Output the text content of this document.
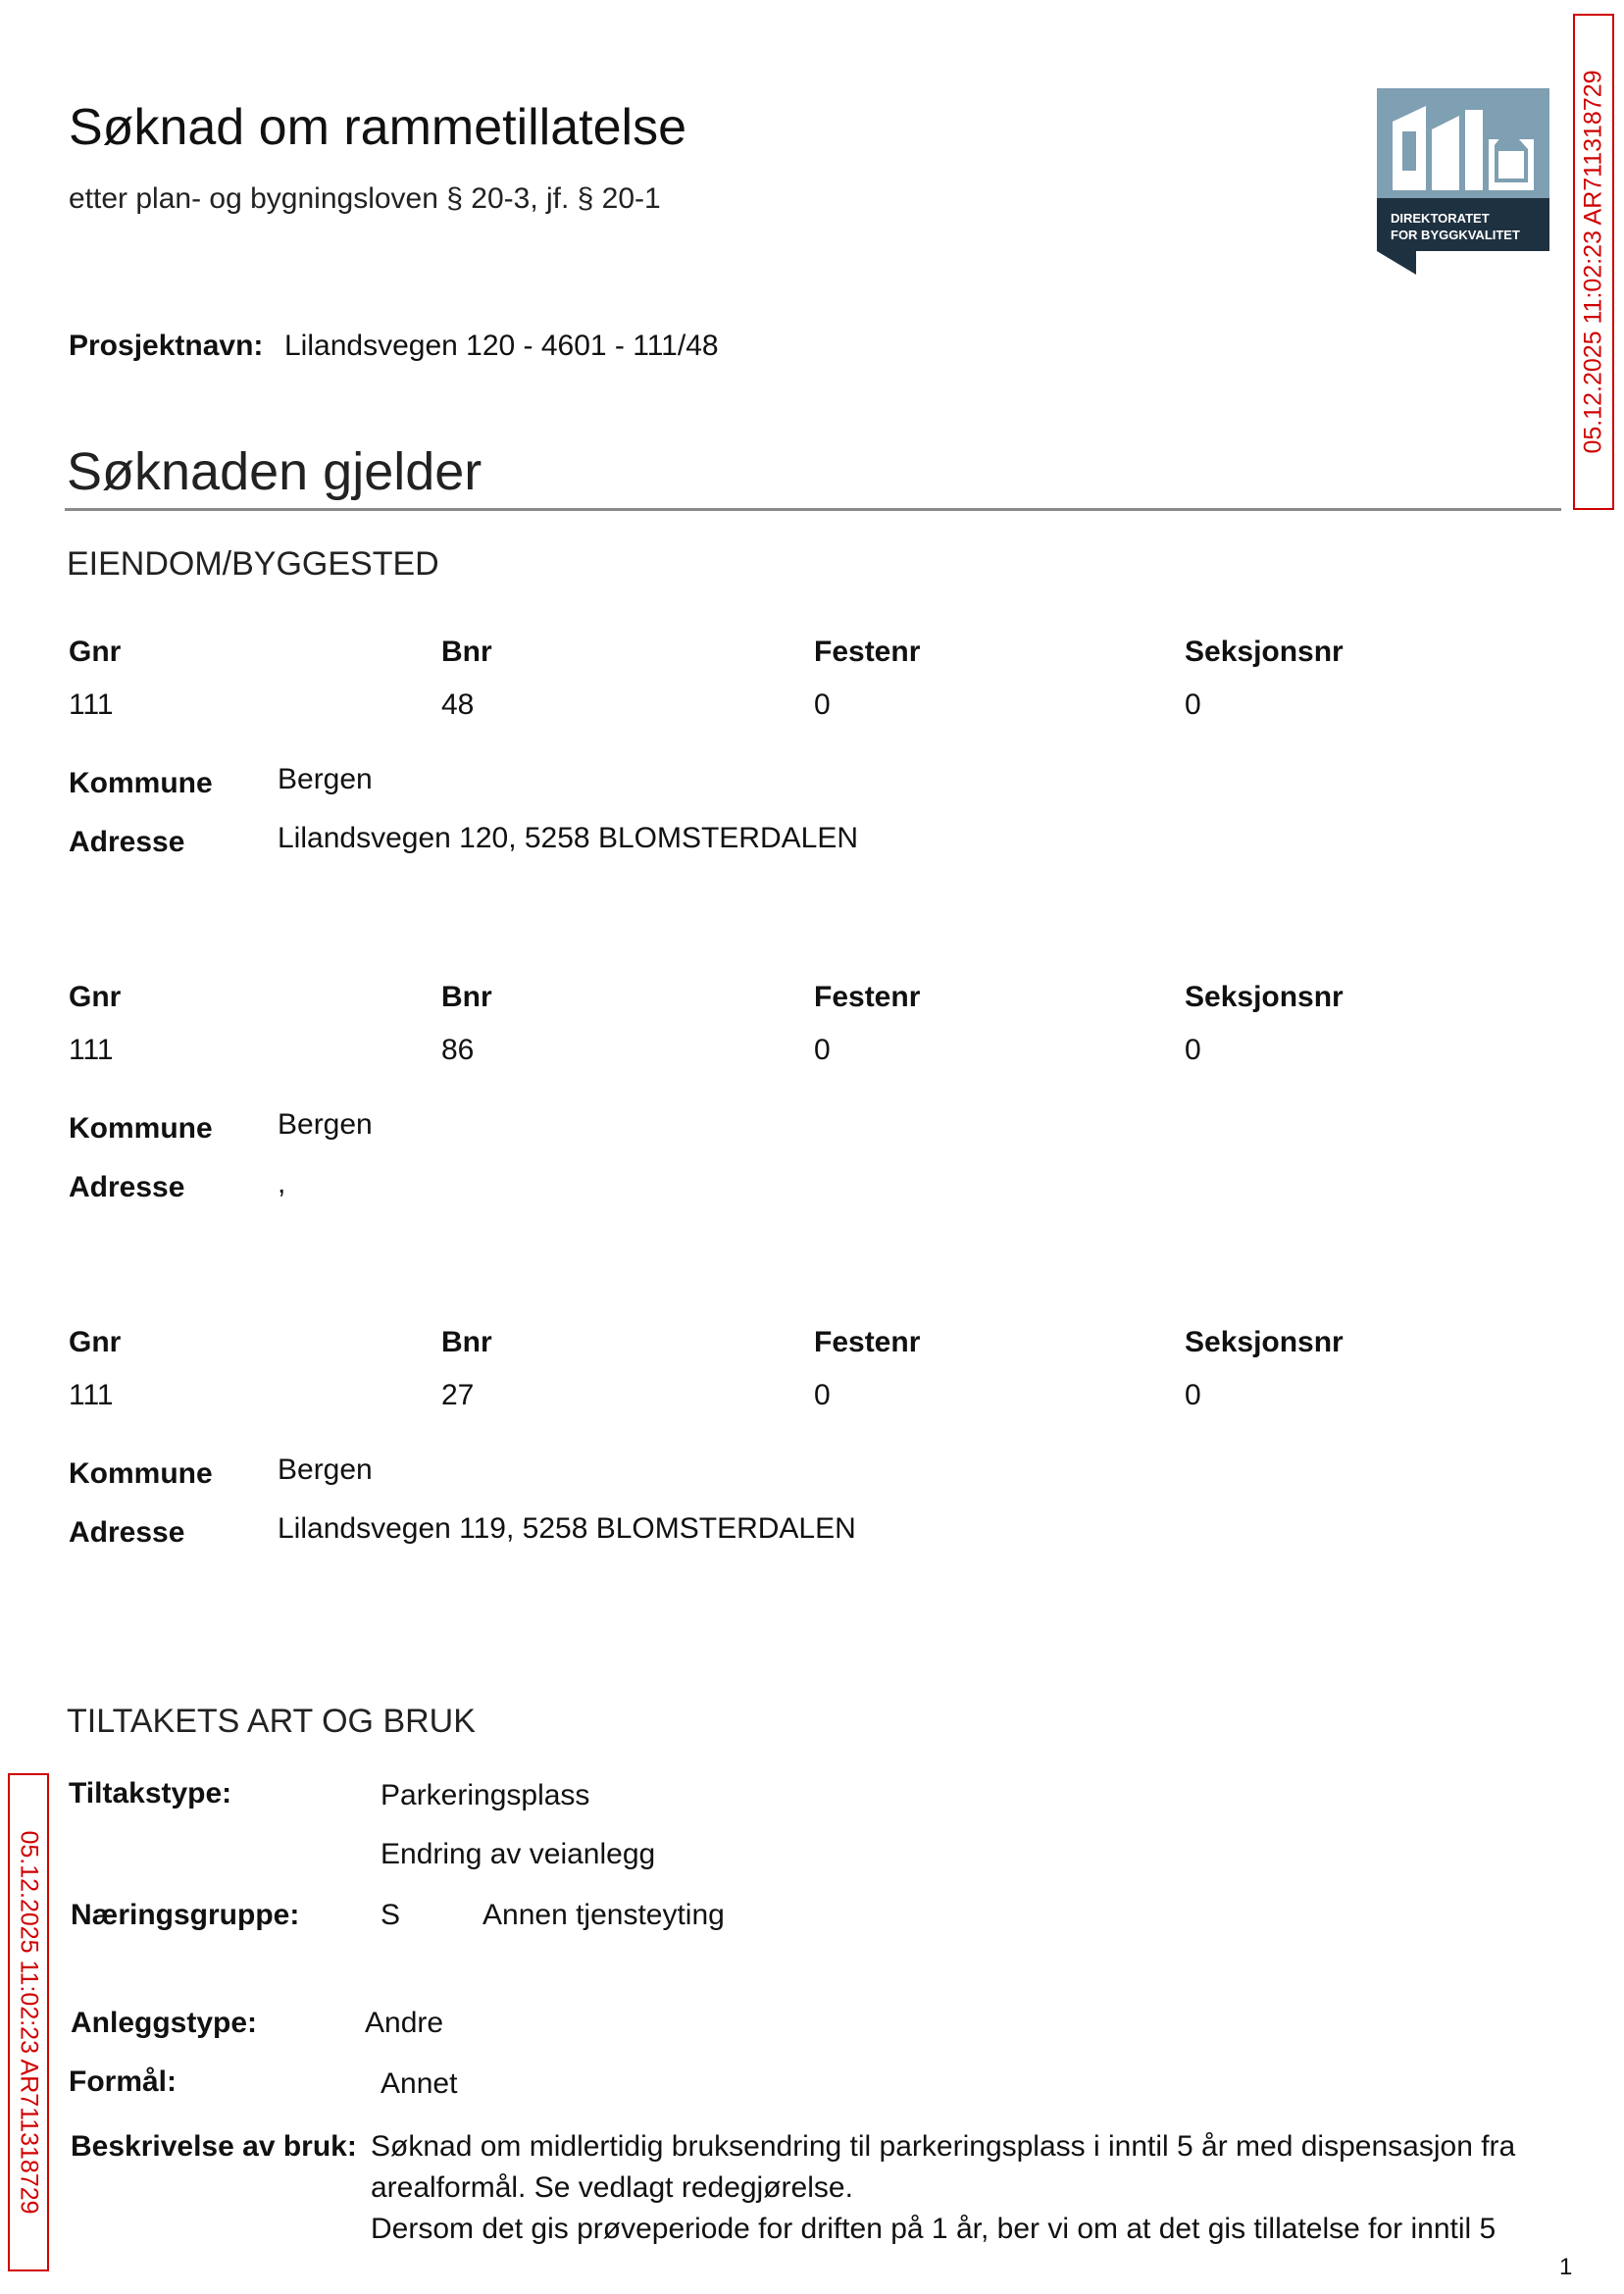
Søknad om rammetillatelse
etter plan- og bygningsloven § 20-3, jf. § 20-1
DIREKTORATET
FOR BYGGKVALITET 05.12.2025 11:02:23 AR711318729
Prosjektnavn: Lilandsvegen 120 - 4601 - 111/48
Søknaden gjelder
EIENDOM/BYGGESTED
Gnr	Bnr	Festenr	Seksjonsnr
111	48	0	0
Kommune Bergen
Adresse	Lilandsvegen 120, 5258 BLOMSTERDALEN
Gnr	Bnr	Festenr	Seksjonsnr
111	86	0	0
Kommune Bergen
Adresse	,
Gnr	Bnr	Festenr	Seksjonsnr
111	27	0	0
Kommune Bergen
Adresse	Lilandsvegen 119, 5258 BLOMSTERDALEN
TILTAKETS ART OG BRUK
05.12.2025 11:02:23 AR711318729
Tiltakstype:	Parkeringsplass
Endring av veianlegg
Næringsgruppe:	S	Annen tjensteyting
Anleggstype:	Andre
Formål:	Annet
Beskrivelse av bruk: Søknad om midlertidig bruksendring til parkeringsplass i inntil 5 år med dispensasjon fra
arealformål. Se vedlagt redegjørelse.
Dersom det gis prøveperiode for driften på 1 år, ber vi om at det gis tillatelse for inntil 5
1
